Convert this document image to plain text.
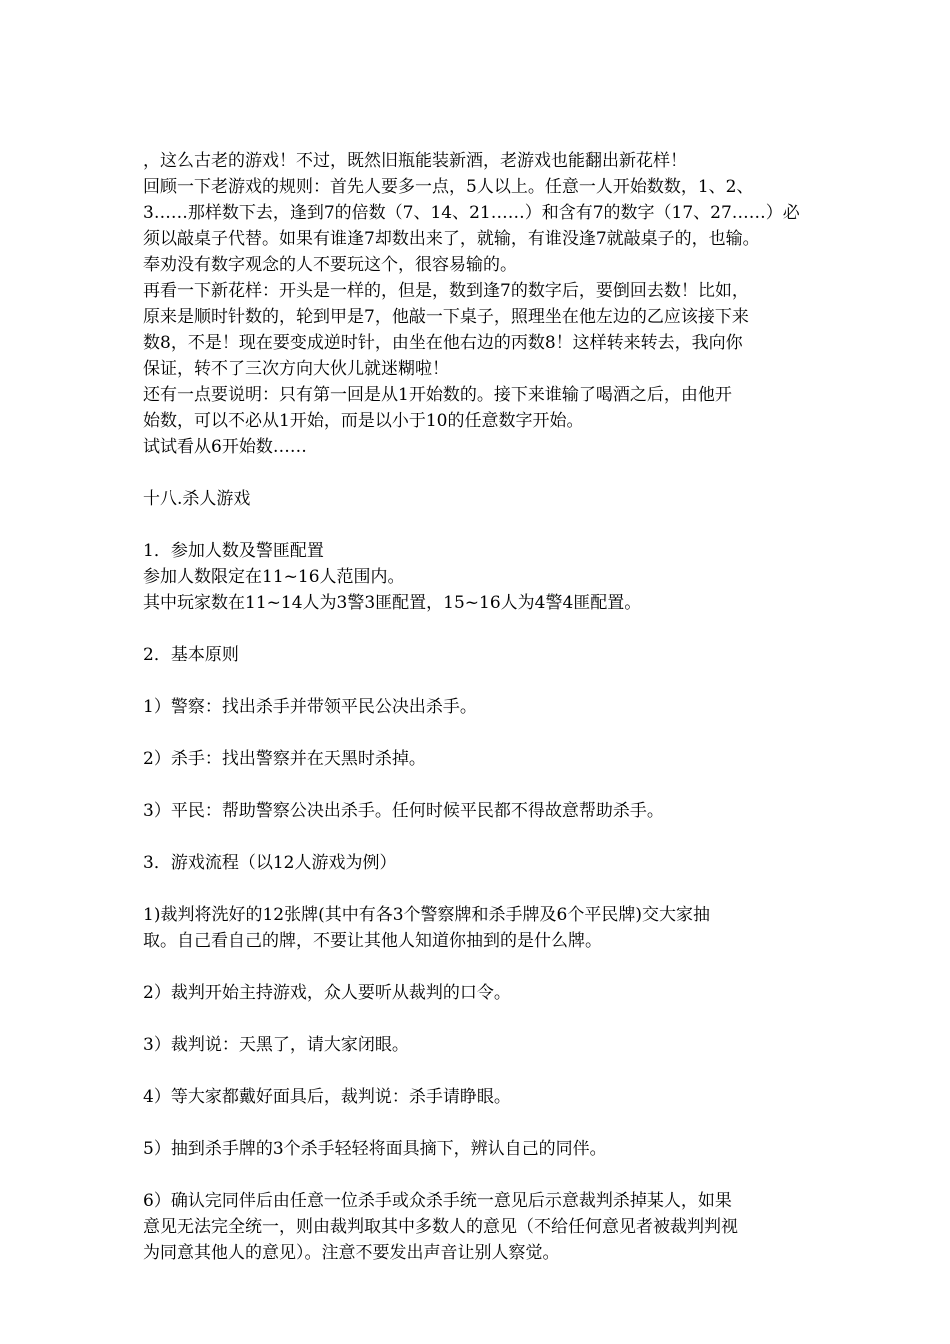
，这么古老的游戏！不过，既然旧瓶能装新酒，老游戏也能翻出新花样！
回顾一下老游戏的规则：首先人要多一点，5人以上。任意一人开始数数，1、2、
3……那样数下去，逢到7的倍数（7、14、21……）和含有7的数字（17、27……）必
须以敲桌子代替。如果有谁逢7却数出来了，就输，有谁没逢7就敲桌子的，也输。
奉劝没有数字观念的人不要玩这个，很容易输的。
再看一下新花样：开头是一样的，但是，数到逢7的数字后，要倒回去数！比如，
原来是顺时针数的，轮到甲是7，他敲一下桌子，照理坐在他左边的乙应该接下来
数8，不是！现在要变成逆时针，由坐在他右边的丙数8！这样转来转去，我向你
保证，转不了三次方向大伙儿就迷糊啦！
还有一点要说明：只有第一回是从1开始数的。接下来谁输了喝酒之后，由他开
始数，可以不必从1开始，而是以小于10的任意数字开始。
试试看从6开始数……
十八.杀人游戏
1．参加人数及警匪配置
参加人数限定在11~16人范围内。
其中玩家数在11~14人为3警3匪配置，15~16人为4警4匪配置。
2．基本原则
1）警察：找出杀手并带领平民公决出杀手。
2）杀手：找出警察并在天黑时杀掉。
3）平民：帮助警察公决出杀手。任何时候平民都不得故意帮助杀手。
3．游戏流程（以12人游戏为例）
1)裁判将洗好的12张牌(其中有各3个警察牌和杀手牌及6个平民牌)交大家抽
取。自己看自己的牌，不要让其他人知道你抽到的是什么牌。
2）裁判开始主持游戏，众人要听从裁判的口令。
3）裁判说：天黑了，请大家闭眼。
4）等大家都戴好面具后，裁判说：杀手请睁眼。
5）抽到杀手牌的3个杀手轻轻将面具摘下，辨认自己的同伴。
6）确认完同伴后由任意一位杀手或众杀手统一意见后示意裁判杀掉某人，如果
意见无法完全统一，则由裁判取其中多数人的意见（不给任何意见者被裁判判视
为同意其他人的意见）。注意不要发出声音让别人察觉。
